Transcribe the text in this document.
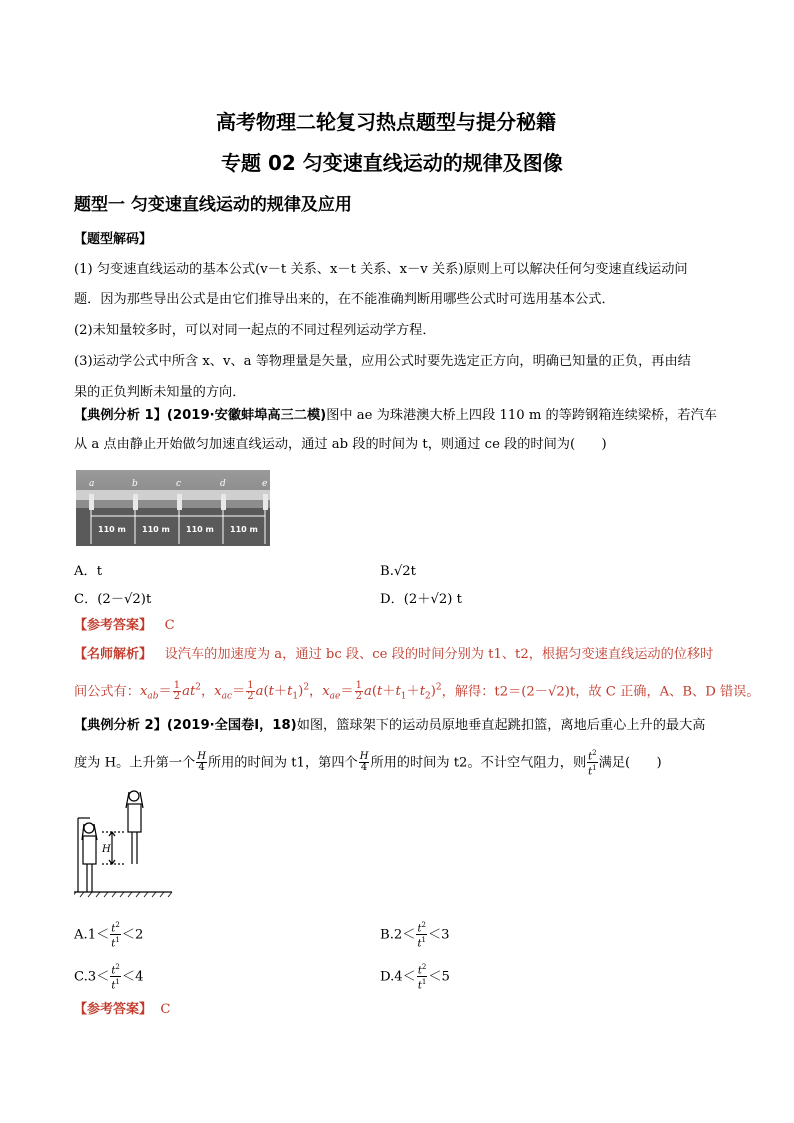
高考物理二轮复习热点题型与提分秘籍
专题 02 匀变速直线运动的规律及图像
题型一 匀变速直线运动的规律及应用
【题型解码】
(1) 匀变速直线运动的基本公式(v－t 关系、x－t 关系、x－v 关系)原则上可以解决任何匀变速直线运动问
题．因为那些导出公式是由它们推导出来的，在不能准确判断用哪些公式时可选用基本公式．
(2)未知量较多时，可以对同一起点的不同过程列运动学方程．
(3)运动学公式中所含 x、v、a 等物理量是矢量，应用公式时要先选定正方向，明确已知量的正负，再由结
果的正负判断未知量的方向．
【典例分析 1】(2019·安徽蚌埠高三二模)图中 ae 为珠港澳大桥上四段 110 m 的等跨钢箱连续梁桥，若汽车
从 a 点由静止开始做匀加速直线运动，通过 ab 段的时间为 t，则通过 ce 段的时间为(　　)
a	b	c	d	e
110 m 110 m 110 m 110 m
A．t	B.√2t
C．(2－√2)t	D．(2＋√2) t
【参考答案】 C
【名师解析】 设汽车的加速度为 a，通过 bc 段、ce 段的时间分别为 t1、t2，根据匀变速直线运动的位移时
间公式有：$x_{ab}= \frac{1}{2} at^2$，$x_{ac}= \frac{1}{2} a(t+t_1)^2$，$x_{ae}= \frac{1}{2} a(t+t_1+t_2)^2$，解得：t2＝(2－√2)t，故 C 正确，A、B、D 错误。
【典例分析 2】(2019·全国卷Ⅰ，18)如图，篮球架下的运动员原地垂直起跳扣篮，离地后重心上升的最大高
度为 H。上升第一个 $\frac{H}{4}$ 所用的时间为 t1，第四个 $\frac{H}{4}$ 所用的时间为 t2。不计空气阻力，则 $\frac{t^2}{t^1}$ 满足(　　)
H
$A.1< \frac{t^2}{t^1} <2$	$B.2< \frac{t^2}{t^1} <3$
$C.3< \frac{t^2}{t^1} <4$	$D.4< \frac{t^2}{t^1} <5$
【参考答案】 C
